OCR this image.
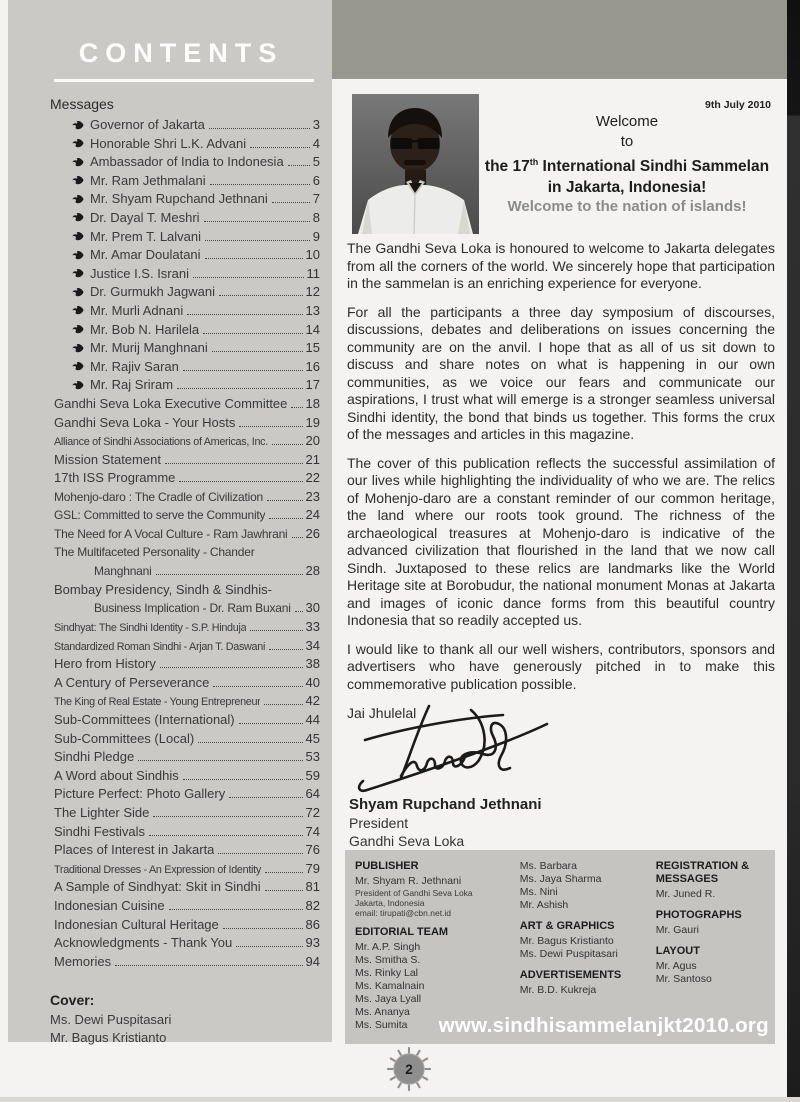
CONTENTS
Messages
Governor of Jakarta	3
Honorable Shri L.K. Advani	4
Ambassador of India to Indonesia 5
Mr. Ram Jethmalani	6
Mr. Shyam Rupchand Jethnani	7
Dr. Dayal T. Meshri	8
Mr. Prem T. Lalvani	9
Mr. Amar Doulatani	10
Justice I.S. Israni	11
Dr. Gurmukh Jagwani	12
Mr. Murli Adnani	13
Mr. Bob N. Harilela	14
Mr. Murij Manghnani	15
Mr. Rajiv Saran	16
Mr. Raj Sriram	17
Gandhi Seva Loka Executive Committee 18
Gandhi Seva Loka - Your Hosts	19
Alliance of Sindhi Associations of Americas, Inc.	20
Mission Statement	21
17th ISS Programme	22
Mohenjo-daro : The Cradle of Civilization	23
GSL: Committed to serve the Community	24
The Need for A Vocal Culture - Ram Jawhrani 26
The Multifaceted Personality - Chander
Manghnani	28
Bombay Presidency, Sindh & Sindhis-
Business Implication - Dr. Ram Buxani 30
Sindhyat: The Sindhi Identity - S.P. Hinduja	33
Standardized Roman Sindhi - Arjan T. Daswani	34
Hero from History	38
A Century of Perseverance	40
The King of Real Estate - Young Entrepreneur	42
Sub-Committees (International)	44
Sub-Committees (Local)	45
Sindhi Pledge	53
A Word about Sindhis	59
Picture Perfect: Photo Gallery	64
The Lighter Side	72
Sindhi Festivals	74
Places of Interest in Jakarta	76
Traditional Dresses - An Expression of Identity	79
A Sample of Sindhyat: Skit in Sindhi	81
Indonesian Cuisine	82
Indonesian Cultural Heritage	86
Acknowledgments - Thank You	93
Memories	94
Cover:
Ms. Dewi Puspitasari
Mr. Bagus Kristianto
9th July 2010
Welcome
to
the 17th International Sindhi Sammelan
in Jakarta, Indonesia!
Welcome to the nation of islands!

The Gandhi Seva Loka is honoured to welcome to Jakarta delegates from all the corners of the world. We sincerely hope that participation in the sammelan is an enriching experience for everyone.

For all the participants a three day symposium of discourses, discussions, debates and deliberations on issues concerning the community are on the anvil. I hope that as all of us sit down to discuss and share notes on what is happening in our own communities, as we voice our fears and communicate our aspirations, I trust what will emerge is a stronger seamless universal Sindhi identity, the bond that binds us together. This forms the crux of the messages and articles in this magazine.

The cover of this publication reflects the successful assimilation of our lives while highlighting the individuality of who we are. The relics of Mohenjo-daro are a constant reminder of our common heritage, the land where our roots took ground. The richness of the archaeological treasures at Mohenjo-daro is indicative of the advanced civilization that flourished in the land that we now call Sindh. Juxtaposed to these relics are landmarks like the World Heritage site at Borobudur, the national monument Monas at Jakarta and images of iconic dance forms from this beautiful country Indonesia that so readily accepted us.

I would like to thank all our well wishers, contributors, sponsors and advertisers who have generously pitched in to make this commemorative publication possible.

Jai Jhulelal
Shyam Rupchand Jethnani
President
Gandhi Seva Loka
PUBLISHER
Mr. Shyam R. Jethnani
President of Gandhi Seva Loka
Jakarta, Indonesia
email: tirupati@cbn.net.id
EDITORIAL TEAM
Mr. A.P. Singh
Ms. Smitha S.
Ms. Rinky Lal
Ms. Kamalnain
Ms. Jaya Lyall
Ms. Ananya
Ms. Sumita
Ms. Barbara
Ms. Jaya Sharma
Ms. Nini
Mr. Ashish
ART & GRAPHICS
Mr. Bagus Kristianto
Ms. Dewi Puspitasari
ADVERTISEMENTS
Mr. B.D. Kukreja
REGISTRATION & MESSAGES
Mr. Juned R.
PHOTOGRAPHS
Mr. Gauri
LAYOUT
Mr. Agus
Mr. Santoso
www.sindhisammelanjkt2010.org
2
